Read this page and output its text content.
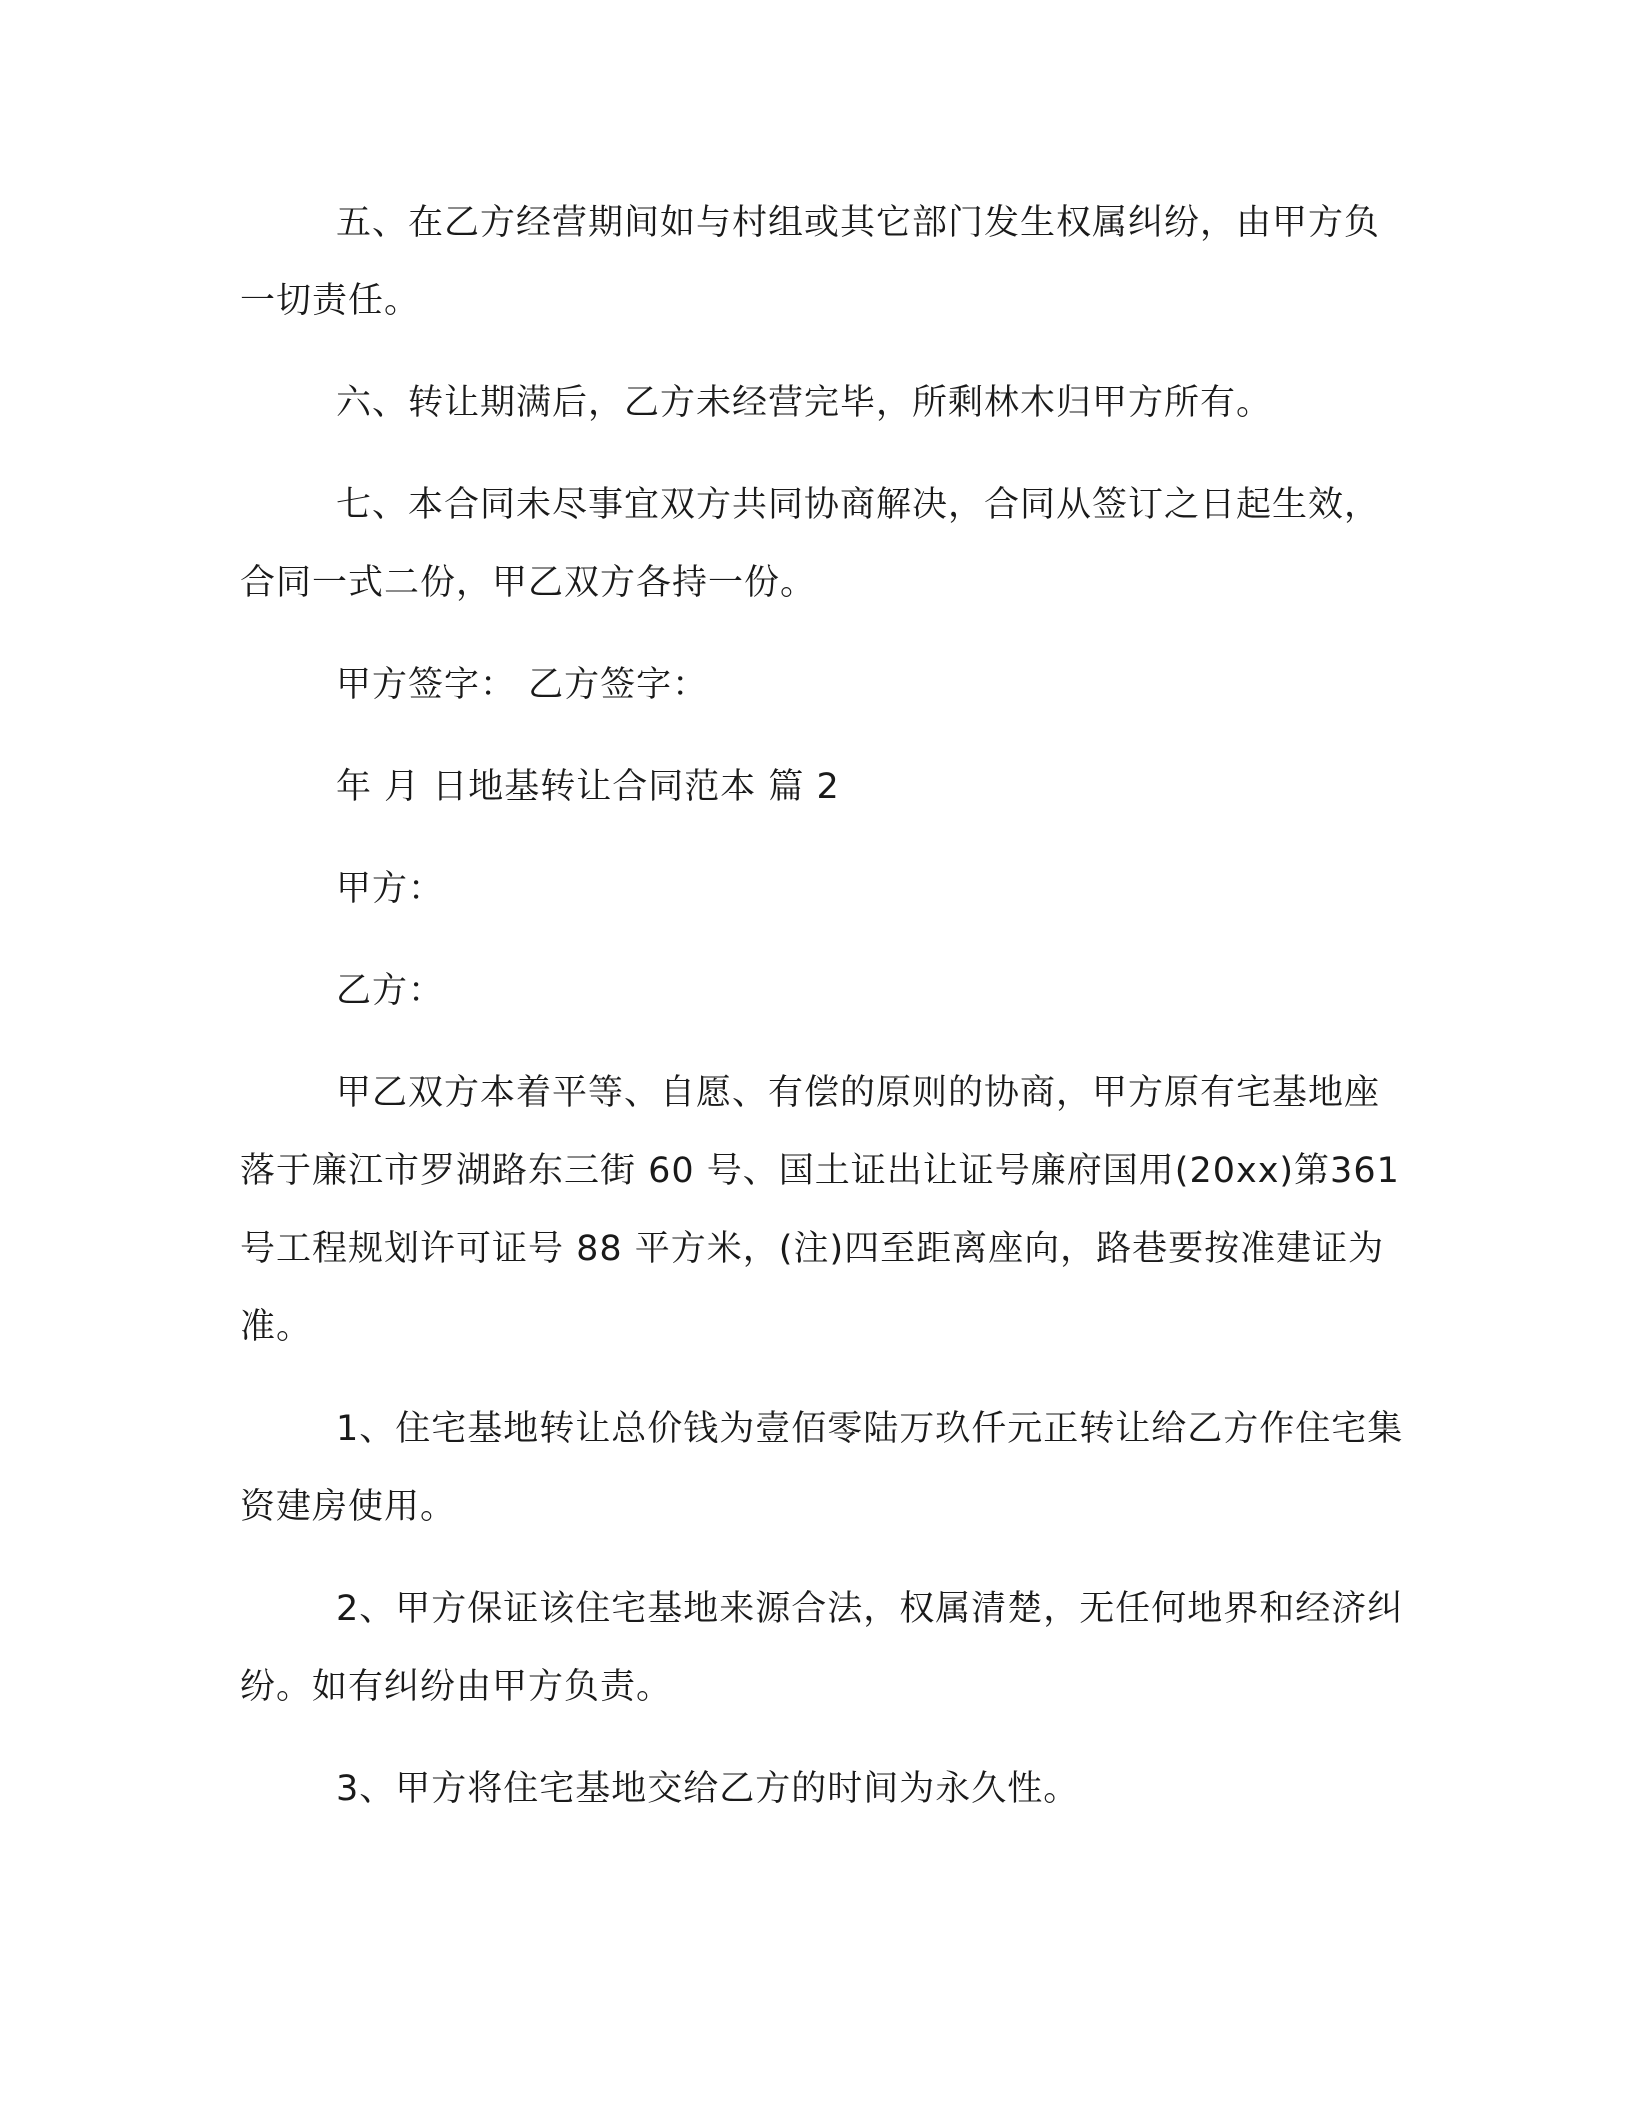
五、在乙方经营期间如与村组或其它部门发生权属纠纷，由甲方负一切责任。

六、转让期满后，乙方未经营完毕，所剩林木归甲方所有。

七、本合同未尽事宜双方共同协商解决，合同从签订之日起生效，合同一式二份，甲乙双方各持一份。

甲方签字： 乙方签字：

年 月 日地基转让合同范本 篇 2

甲方：

乙方：

甲乙双方本着平等、自愿、有偿的原则的协商，甲方原有宅基地座落于廉江市罗湖路东三街 60 号、国土证出让证号廉府国用(20xx)第361 号工程规划许可证号 88 平方米，(注)四至距离座向，路巷要按准建证为准。

1、住宅基地转让总价钱为壹佰零陆万玖仟元正转让给乙方作住宅集资建房使用。

2、甲方保证该住宅基地来源合法，权属清楚，无任何地界和经济纠纷。如有纠纷由甲方负责。

3、甲方将住宅基地交给乙方的时间为永久性。
